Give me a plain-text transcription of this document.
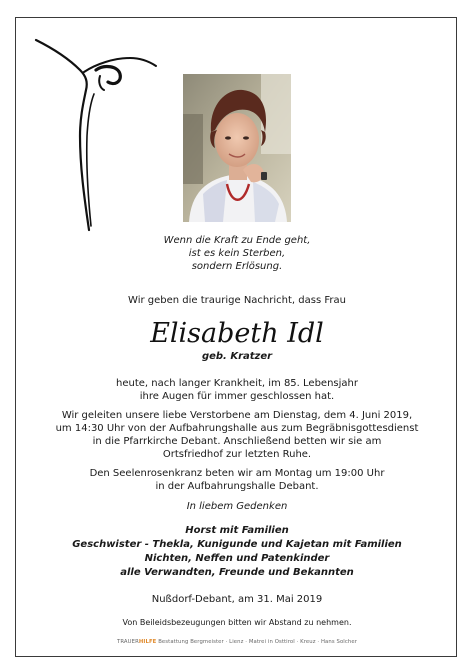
Wenn die Kraft zu Ende geht,
ist es kein Sterben,
sondern Erlösung.
Wir geben die traurige Nachricht, dass Frau
Elisabeth Idl
geb. Kratzer
heute, nach langer Krankheit, im 85. Lebensjahr
ihre Augen für immer geschlossen hat.
Wir geleiten unsere liebe Verstorbene am Dienstag, dem 4. Juni 2019,
um 14:30 Uhr von der Aufbahrungshalle aus zum Begräbnisgottesdienst
in die Pfarrkirche Debant. Anschließend betten wir sie am
Ortsfriedhof zur letzten Ruhe.
Den Seelenrosenkranz beten wir am Montag um 19:00 Uhr
in der Aufbahrungshalle Debant.
In liebem Gedenken
Horst mit Familien
Geschwister - Thekla, Kunigunde und Kajetan mit Familien
Nichten, Neffen und Patenkinder
alle Verwandten, Freunde und Bekannten
Nußdorf-Debant, am 31. Mai 2019
Von Beileidsbezeugungen bitten wir Abstand zu nehmen.
TRAUERHILFE Bestattung Bergmeister · Lienz · Matrei in Osttirol · Kreuz · Hans Solcher
